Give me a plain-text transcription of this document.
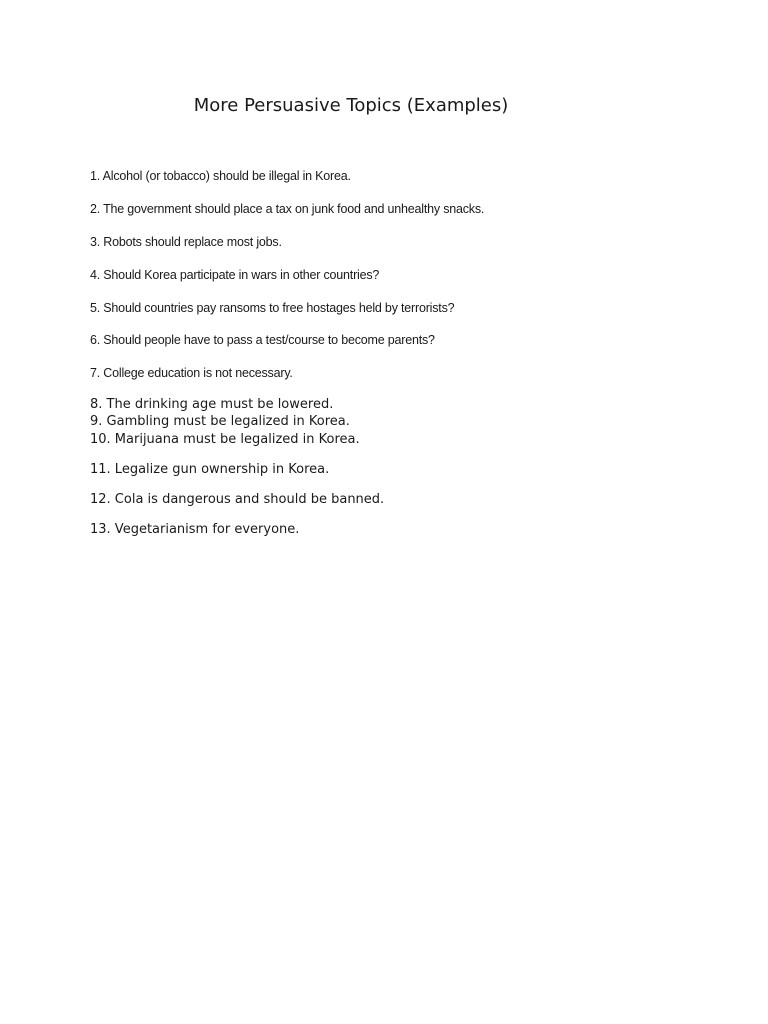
More Persuasive Topics (Examples)
1. Alcohol (or tobacco) should be illegal in Korea.
2. The government should place a tax on junk food and unhealthy snacks.
3. Robots should replace most jobs.
4. Should Korea participate in wars in other countries?
5. Should countries pay ransoms to free hostages held by terrorists?
6. Should people have to pass a test/course to become parents?
7. College education is not necessary.
8. The drinking age must be lowered.
9. Gambling must be legalized in Korea.
10. Marijuana must be legalized in Korea.
11. Legalize gun ownership in Korea.
12. Cola is dangerous and should be banned.
13. Vegetarianism for everyone.
